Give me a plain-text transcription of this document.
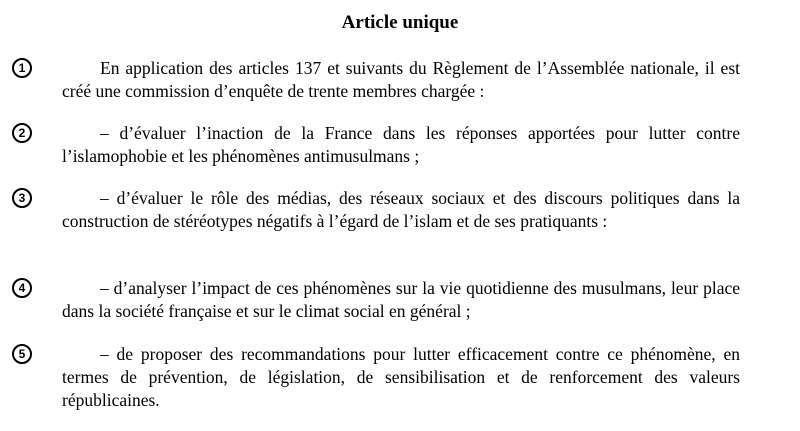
Article unique
1	En application des articles 137 et suivants du Règlement de l’Assemblée nationale, il est créé une commission d’enquête de trente membres chargée :
2	– d’évaluer l’inaction de la France dans les réponses apportées pour lutter contre l’islamophobie et les phénomènes antimusulmans ;
3	– d’évaluer le rôle des médias, des réseaux sociaux et des discours politiques dans la construction de stéréotypes négatifs à l’égard de l’islam et de ses pratiquants :
4	– d’analyser l’impact de ces phénomènes sur la vie quotidienne des musulmans, leur place dans la société française et sur le climat social en général ;
5	– de proposer des recommandations pour lutter efficacement contre ce phénomène, en termes de prévention, de législation, de sensibilisation et de renforcement des valeurs républicaines.
